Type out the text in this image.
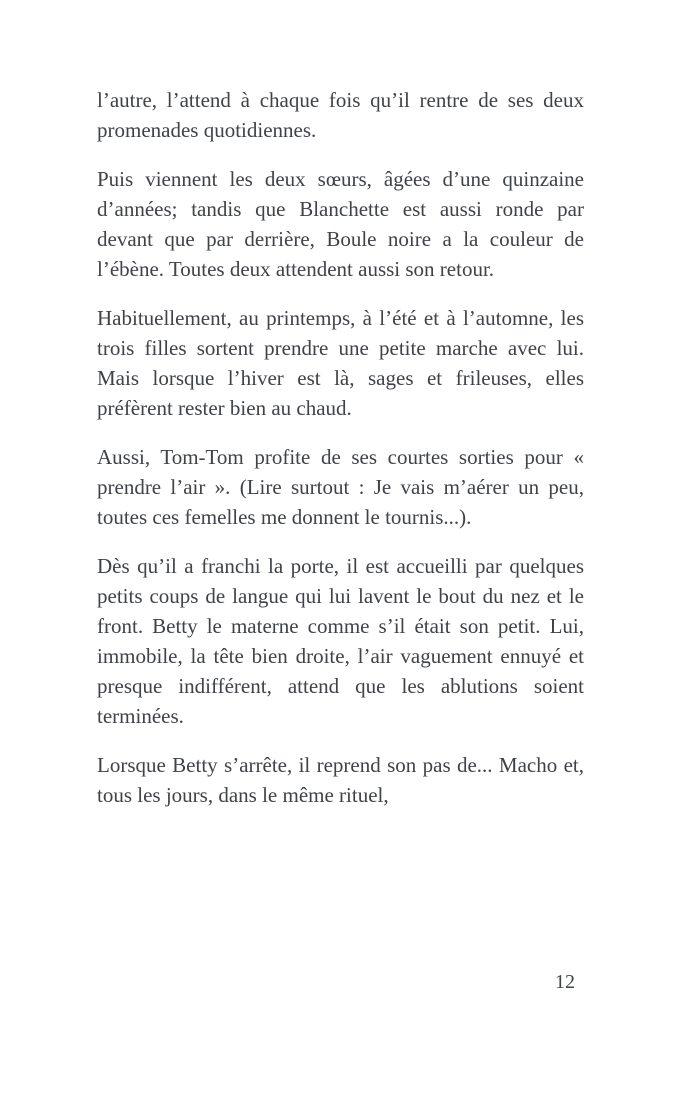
l’autre, l’attend à chaque fois qu’il rentre de ses deux promenades quotidiennes.

Puis viennent les deux sœurs, âgées d’une quinzaine d’années; tandis que Blanchette est aussi ronde par devant que par derrière, Boule noire a la couleur de l’ébène. Toutes deux attendent aussi son retour.

Habituellement, au printemps, à l’été et à l’automne, les trois filles sortent prendre une petite marche avec lui. Mais lorsque l’hiver est là, sages et frileuses, elles préfèrent rester bien au chaud.

Aussi, Tom-Tom profite de ses courtes sorties pour « prendre l’air ». (Lire surtout : Je vais m’aérer un peu, toutes ces femelles me donnent le tournis...).

Dès qu’il a franchi la porte, il est accueilli par quelques petits coups de langue qui lui lavent le bout du nez et le front. Betty le materne comme s’il était son petit. Lui, immobile, la tête bien droite, l’air vaguement ennuyé et presque indifférent, attend que les ablutions soient terminées.

Lorsque Betty s’arrête, il reprend son pas de... Macho et, tous les jours, dans le même rituel,

12
